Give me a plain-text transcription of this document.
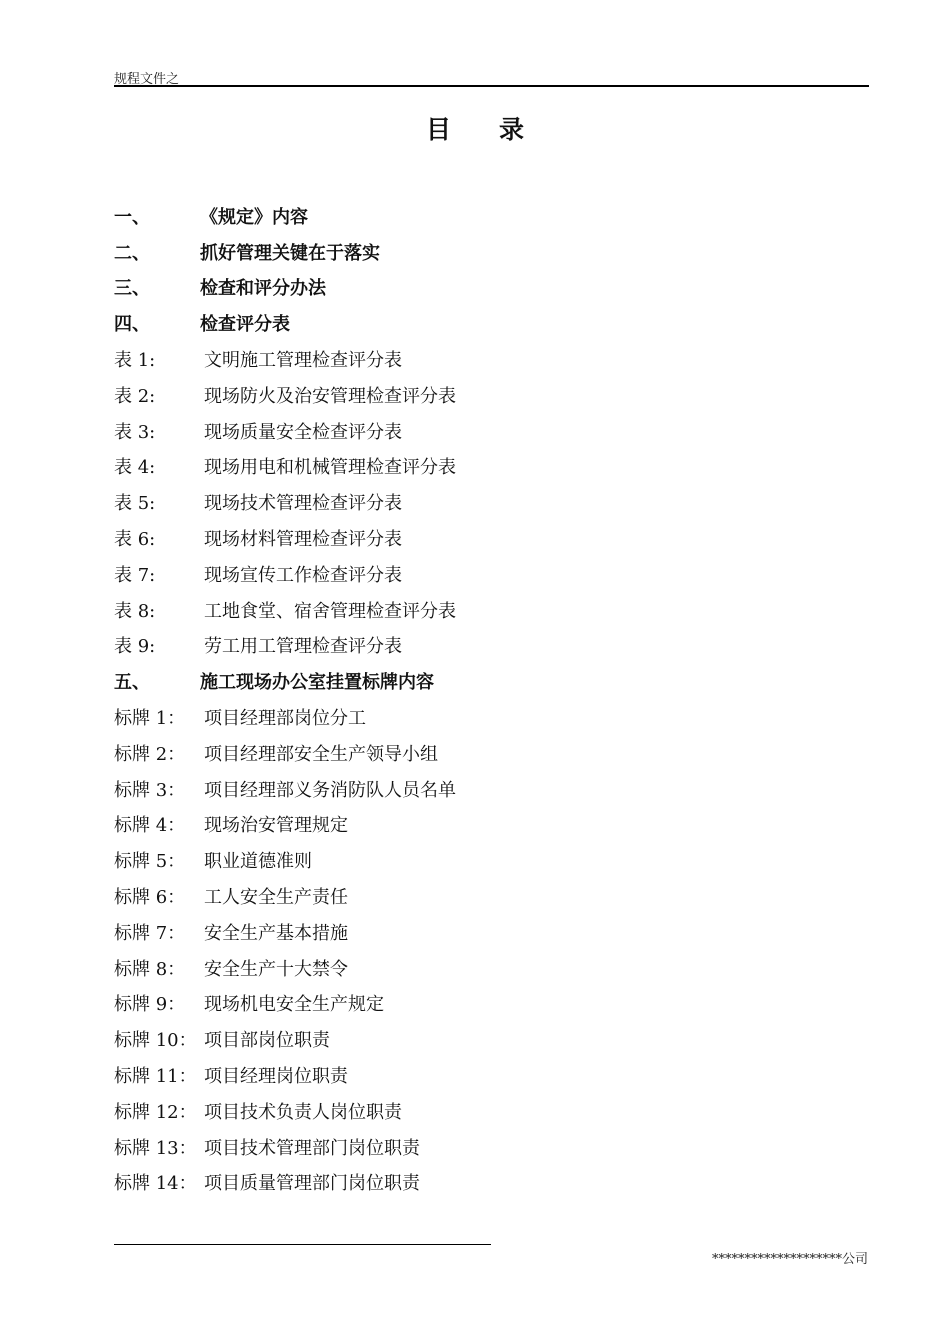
规程文件之
目 录
一、	《规定》内容
二、	抓好管理关键在于落实
三、	检查和评分办法
四、	检查评分表
表 1:	文明施工管理检查评分表
表 2:	现场防火及治安管理检查评分表
表 3:	现场质量安全检查评分表
表 4:	现场用电和机械管理检查评分表
表 5:	现场技术管理检查评分表
表 6:	现场材料管理检查评分表
表 7:	现场宣传工作检查评分表
表 8:	工地食堂、宿舍管理检查评分表
表 9:	劳工用工管理检查评分表
五、	施工现场办公室挂置标牌内容
标牌 1：	项目经理部岗位分工
标牌 2：	项目经理部安全生产领导小组
标牌 3：	项目经理部义务消防队人员名单
标牌 4：	现场治安管理规定
标牌 5：	职业道德准则
标牌 6：	工人安全生产责任
标牌 7：	安全生产基本措施
标牌 8：	安全生产十大禁令
标牌 9：	现场机电安全生产规定
标牌 10： 项目部岗位职责
标牌 11： 项目经理岗位职责
标牌 12： 项目技术负责人岗位职责
标牌 13： 项目技术管理部门岗位职责
标牌 14： 项目质量管理部门岗位职责
********************公司
